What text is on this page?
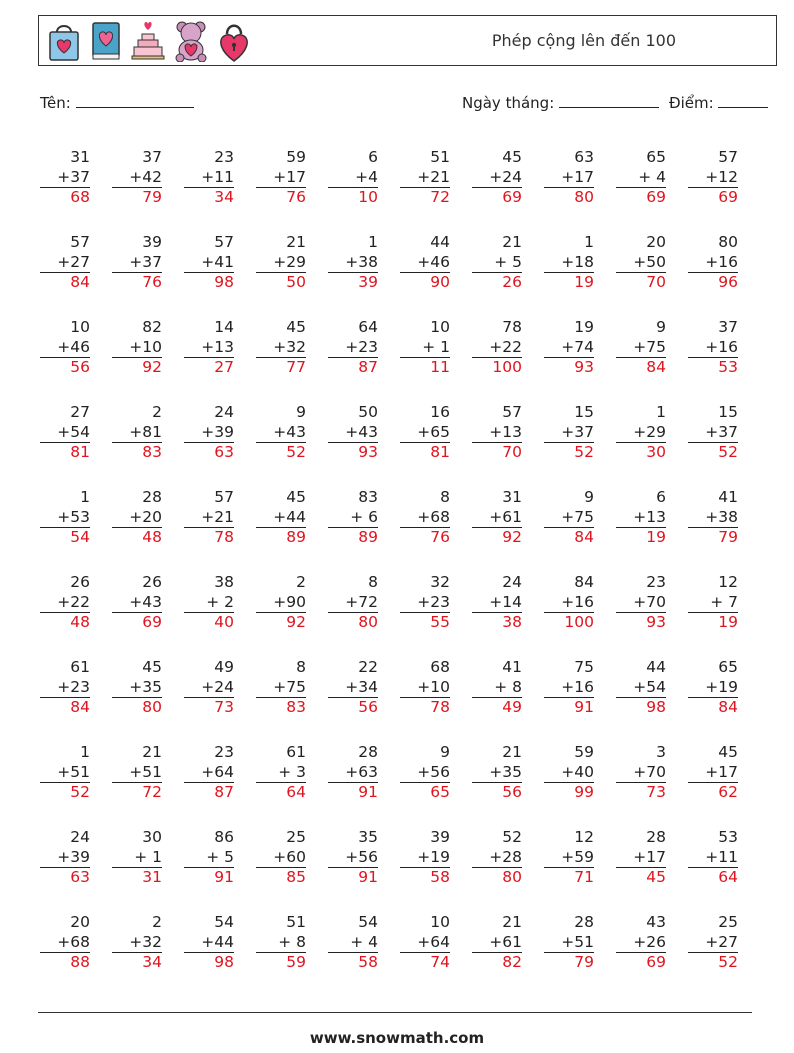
Phép cộng lên đến 100
Tên:	Ngày tháng:	Điểm:
31
+37
68
37
+42
79
23
+11
34
59
+17
76
6
+4
10
51
+21
72
45
+24
69
63
+17
80
65
+ 4
69
57
+12
69
57
+27
84
39
+37
76
57
+41
98
21
+29
50
1
+38
39
44
+46
90
21
+ 5
26
1
+18
19
20
+50
70
80
+16
96
10
+46
56
82
+10
92
14
+13
27
45
+32
77
64
+23
87
10
+ 1
11
78
+22
100
19
+74
93
9
+75
84
37
+16
53
27
+54
81
2
+81
83
24
+39
63
9
+43
52
50
+43
93
16
+65
81
57
+13
70
15
+37
52
1
+29
30
15
+37
52
1
+53
54
28
+20
48
57
+21
78
45
+44
89
83
+ 6
89
8
+68
76
31
+61
92
9
+75
84
6
+13
19
41
+38
79
26
+22
48
26
+43
69
38
+ 2
40
2
+90
92
8
+72
80
32
+23
55
24
+14
38
84
+16
100
23
+70
93
12
+ 7
19
61
+23
84
45
+35
80
49
+24
73
8
+75
83
22
+34
56
68
+10
78
41
+ 8
49
75
+16
91
44
+54
98
65
+19
84
1
+51
52
21
+51
72
23
+64
87
61
+ 3
64
28
+63
91
9
+56
65
21
+35
56
59
+40
99
3
+70
73
45
+17
62
24
+39
63
30
+ 1
31
86
+ 5
91
25
+60
85
35
+56
91
39
+19
58
52
+28
80
12
+59
71
28
+17
45
53
+11
64
20
+68
88
2
+32
34
54
+44
98
51
+ 8
59
54
+ 4
58
10
+64
74
21
+61
82
28
+51
79
43
+26
69
25
+27
52
www.snowmath.com
